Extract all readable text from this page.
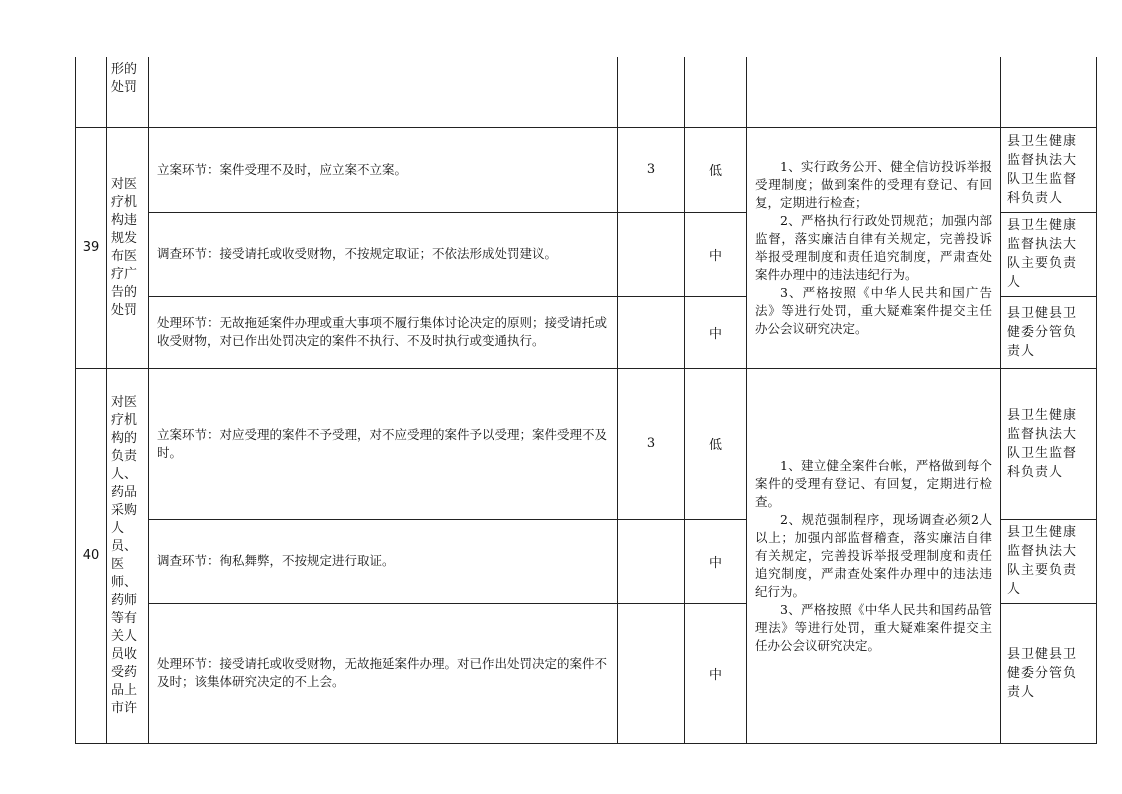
	形的处罚					
39	对医疗机构违规发布医疗广告的处罚	立案环节：案件受理不及时，应立案不立案。	3	低	1、实行政务公开、健全信访投诉举报受理制度；做到案件的受理有登记、有回复，定期进行检查；

2、严格执行行政处罚规范；加强内部监督，落实廉洁自律有关规定，完善投诉举报受理制度和责任追究制度，严肃查处案件办理中的违法违纪行为。

3、严格按照《中华人民共和国广告法》等进行处罚，重大疑难案件提交主任办公会议研究决定。	县卫生健康监督执法大队卫生监督科负责人
		调查环节：接受请托或收受财物，不按规定取证；不依法形成处罚建议。		中		县卫生健康监督执法大队主要负责人
		处理环节：无故拖延案件办理或重大事项不履行集体讨论决定的原则；接受请托或收受财物，对已作出处罚决定的案件不执行、不及时执行或变通执行。		中		县卫健县卫健委分管负责人
40	对医疗机构的负责人、药品采购人员、医师、药师等有关人员收受药品上市许	立案环节：对应受理的案件不予受理，对不应受理的案件予以受理；案件受理不及时。	3	低	1、建立健全案件台帐，严格做到每个案件的受理有登记、有回复，定期进行检查。

2、规范强制程序，现场调查必须2人以上；加强内部监督稽查，落实廉洁自律有关规定，完善投诉举报受理制度和责任追究制度，严肃查处案件办理中的违法违纪行为。

3、严格按照《中华人民共和国药品管理法》等进行处罚，重大疑难案件提交主任办公会议研究决定。	县卫生健康监督执法大队卫生监督科负责人
		调查环节：徇私舞弊，不按规定进行取证。		中		县卫生健康监督执法大队主要负责人
		处理环节：接受请托或收受财物，无故拖延案件办理。对已作出处罚决定的案件不及时；该集体研究决定的不上会。		中		县卫健县卫健委分管负责人
